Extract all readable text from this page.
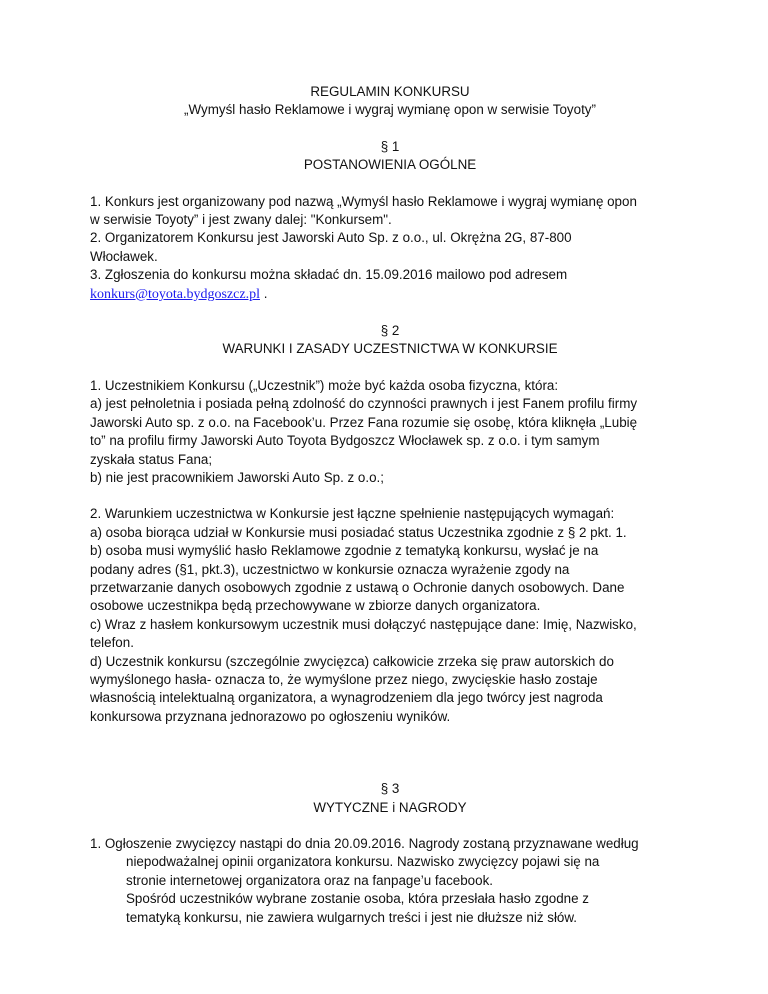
REGULAMIN KONKURSU

„Wymyśl hasło Reklamowe i wygraj wymianę opon w serwisie Toyoty”

§ 1

POSTANOWIENIA OGÓLNE

1. Konkurs jest organizowany pod nazwą „Wymyśl hasło Reklamowe i wygraj wymianę opon

w serwisie Toyoty” i jest zwany dalej: "Konkursem".

2. Organizatorem Konkursu jest Jaworski Auto Sp. z o.o., ul. Okrężna 2G, 87-800

Włocławek.

3. Zgłoszenia do konkursu można składać dn. 15.09.2016 mailowo pod adresem

konkurs@toyota.bydgoszcz.pl .

§ 2

WARUNKI I ZASADY UCZESTNICTWA W KONKURSIE

1. Uczestnikiem Konkursu („Uczestnik”) może być każda osoba fizyczna, która:

a) jest pełnoletnia i posiada pełną zdolność do czynności prawnych i jest Fanem profilu firmy

Jaworski Auto sp. z o.o. na Facebook’u. Przez Fana rozumie się osobę, która kliknęła „Lubię

to” na profilu firmy Jaworski Auto Toyota Bydgoszcz Włocławek sp. z o.o. i tym samym

zyskała status Fana;

b) nie jest pracownikiem Jaworski Auto Sp. z o.o.;

2. Warunkiem uczestnictwa w Konkursie jest łączne spełnienie następujących wymagań:

a) osoba biorąca udział w Konkursie musi posiadać status Uczestnika zgodnie z § 2 pkt. 1.

b) osoba musi wymyślić hasło Reklamowe zgodnie z tematyką konkursu, wysłać je na

podany adres (§1, pkt.3), uczestnictwo w konkursie oznacza wyrażenie zgody na

przetwarzanie danych osobowych zgodnie z ustawą o Ochronie danych osobowych. Dane

osobowe uczestnikpa będą przechowywane w zbiorze danych organizatora.

c) Wraz z hasłem konkursowym uczestnik musi dołączyć następujące dane: Imię, Nazwisko,

telefon.

d) Uczestnik konkursu (szczególnie zwycięzca) całkowicie zrzeka się praw autorskich do

wymyślonego hasła- oznacza to, że wymyślone przez niego, zwycięskie hasło zostaje

własnością intelektualną organizatora, a wynagrodzeniem dla jego twórcy jest nagroda

konkursowa przyznana jednorazowo po ogłoszeniu wyników.

§ 3

WYTYCZNE i NAGRODY

1. Ogłoszenie zwycięzcy nastąpi do dnia 20.09.2016. Nagrody zostaną przyznawane według

niepodważalnej opinii organizatora konkursu. Nazwisko zwycięzcy pojawi się na

stronie internetowej organizatora oraz na fanpage’u facebook.

Spośród uczestników wybrane zostanie osoba, która przesłała hasło zgodne z

tematyką konkursu, nie zawiera wulgarnych treści i jest nie dłuższe niż słów.
